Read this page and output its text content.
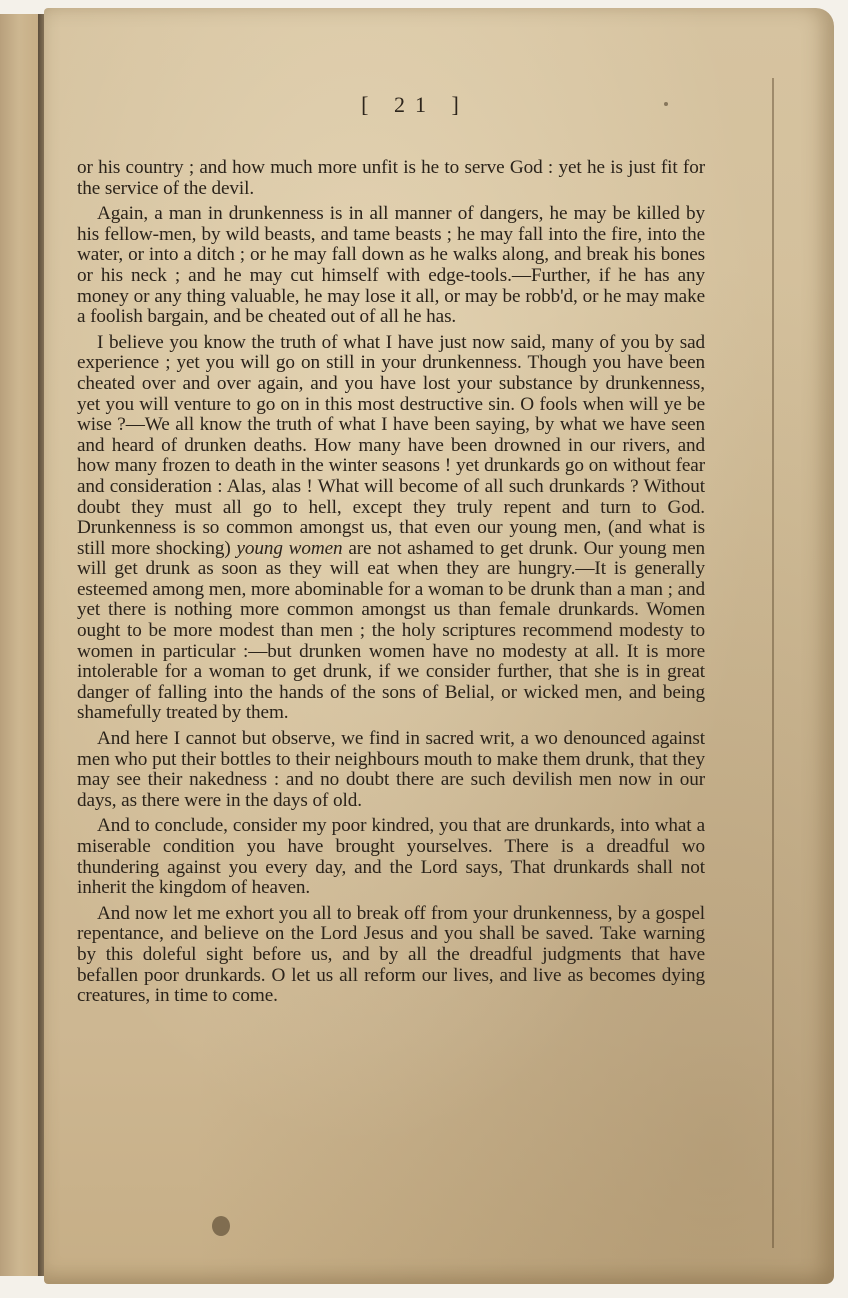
[ 21 ]

or his country ; and how much more unfit is he to serve God : yet he is just fit for the service of the devil.

Again, a man in drunkenness is in all manner of dangers, he may be killed by his fellow-men, by wild beasts, and tame beasts ; he may fall into the fire, into the water, or into a ditch ; or he may fall down as he walks along, and break his bones or his neck ; and he may cut himself with edge-tools.—Further, if he has any money or any thing valuable, he may lose it all, or may be robb'd, or he may make a foolish bargain, and be cheated out of all he has.

I believe you know the truth of what I have just now said, many of you by sad experience ; yet you will go on still in your drunkenness. Though you have been cheated over and over again, and you have lost your substance by drunkenness, yet you will venture to go on in this most destructive sin. O fools when will ye be wise ?—We all know the truth of what I have been saying, by what we have seen and heard of drunken deaths. How many have been drowned in our rivers, and how many frozen to death in the winter seasons ! yet drunkards go on without fear and consideration : Alas, alas ! What will become of all such drunkards ? Without doubt they must all go to hell, except they truly repent and turn to God. Drunkenness is so common amongst us, that even our young men, (and what is still more shocking) young women are not ashamed to get drunk. Our young men will get drunk as soon as they will eat when they are hungry.—It is generally esteemed among men, more abominable for a woman to be drunk than a man ; and yet there is nothing more common amongst us than female drunkards. Women ought to be more modest than men ; the holy scriptures recommend modesty to women in particular :—but drunken women have no modesty at all. It is more intolerable for a woman to get drunk, if we consider further, that she is in great danger of falling into the hands of the sons of Belial, or wicked men, and being shamefully treated by them.

And here I cannot but observe, we find in sacred writ, a wo denounced against men who put their bottles to their neighbours mouth to make them drunk, that they may see their nakedness : and no doubt there are such devilish men now in our days, as there were in the days of old.

And to conclude, consider my poor kindred, you that are drunkards, into what a miserable condition you have brought yourselves. There is a dreadful wo thundering against you every day, and the Lord says, That drunkards shall not inherit the kingdom of heaven.

And now let me exhort you all to break off from your drunkenness, by a gospel repentance, and believe on the Lord Jesus and you shall be saved. Take warning by this doleful sight before us, and by all the dreadful judgments that have befallen poor drunkards. O let us all reform our lives, and live as becomes dying creatures, in time to come.
